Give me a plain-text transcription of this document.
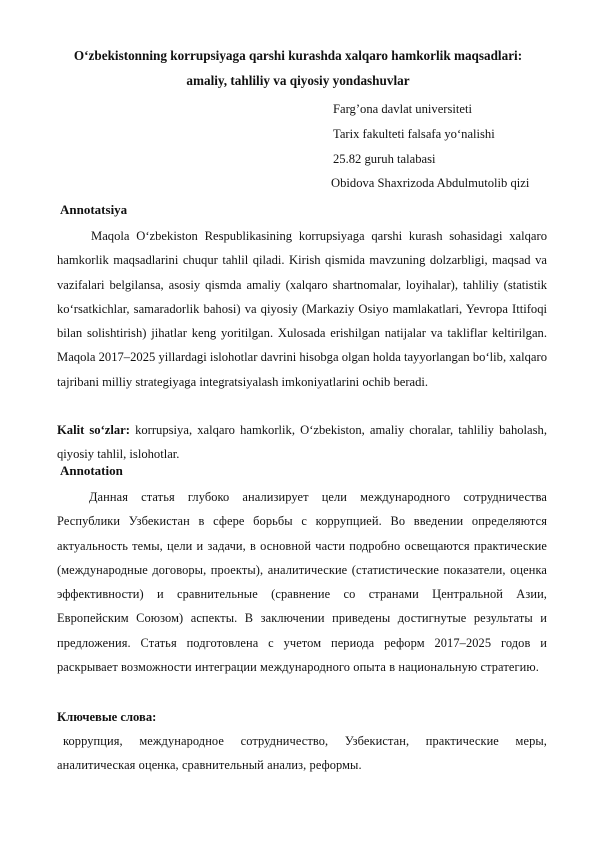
O‘zbekistonning korrupsiyaga qarshi kurashda xalqaro hamkorlik maqsadlari:
amaliy, tahliliy va qiyosiy yondashuvlar
Farg’ona davlat universiteti
Tarix fakulteti falsafa yo‘nalishi
25.82 guruh talabasi
Obidova Shaxrizoda Abdulmutolib qizi
Annotatsiya
Maqola O‘zbekiston Respublikasining korrupsiyaga qarshi kurash sohasidagi xalqaro hamkorlik maqsadlarini chuqur tahlil qiladi. Kirish qismida mavzuning dolzarbligi, maqsad va vazifalari belgilansa, asosiy qismda amaliy (xalqaro shartnomalar, loyihalar), tahliliy (statistik ko‘rsatkichlar, samaradorlik bahosi) va qiyosiy (Markaziy Osiyo mamlakatlari, Yevropa Ittifoqi bilan solishtirish) jihatlar keng yoritilgan. Xulosada erishilgan natijalar va takliflar keltirilgan. Maqola 2017–2025 yillardagi islohotlar davrini hisobga olgan holda tayyorlangan bo‘lib, xalqaro tajribani milliy strategiyaga integratsiyalash imkoniyatlarini ochib beradi.
Kalit so‘zlar: korrupsiya, xalqaro hamkorlik, O‘zbekiston, amaliy choralar, tahliliy baholash, qiyosiy tahlil, islohotlar.
Annotation
Данная статья глубоко анализирует цели международного сотрудничества Республики Узбекистан в сфере борьбы с коррупцией. Во введении определяются актуальность темы, цели и задачи, в основной части подробно освещаются практические (международные договоры, проекты), аналитические (статистические показатели, оценка эффективности) и сравнительные (сравнение со странами Центральной Азии, Европейским Союзом) аспекты. В заключении приведены достигнутые результаты и предложения. Статья подготовлена с учетом периода реформ 2017–2025 годов и раскрывает возможности интеграции международного опыта в национальную стратегию.
Ключевые слова:
коррупция, международное сотрудничество, Узбекистан, практические меры, аналитическая оценка, сравнительный анализ, реформы.
